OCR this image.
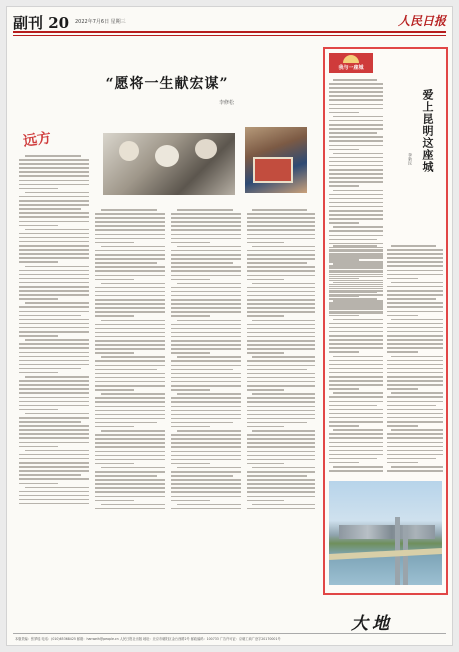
副刊 20 2022年7月6日 星期三	人民日报
“愿将一生献宏谋”
李修松
远方
我与一座城
爱上昆明这座城
李新民
大地
本版责编：张梦瑶 电话：(010)65368425 邮箱：hanweih@people.cn 人民日报社出版 地址：北京市朝阳区金台西路2号 邮政编码：100733 广告许可证：京朝工商广登字20170001号
